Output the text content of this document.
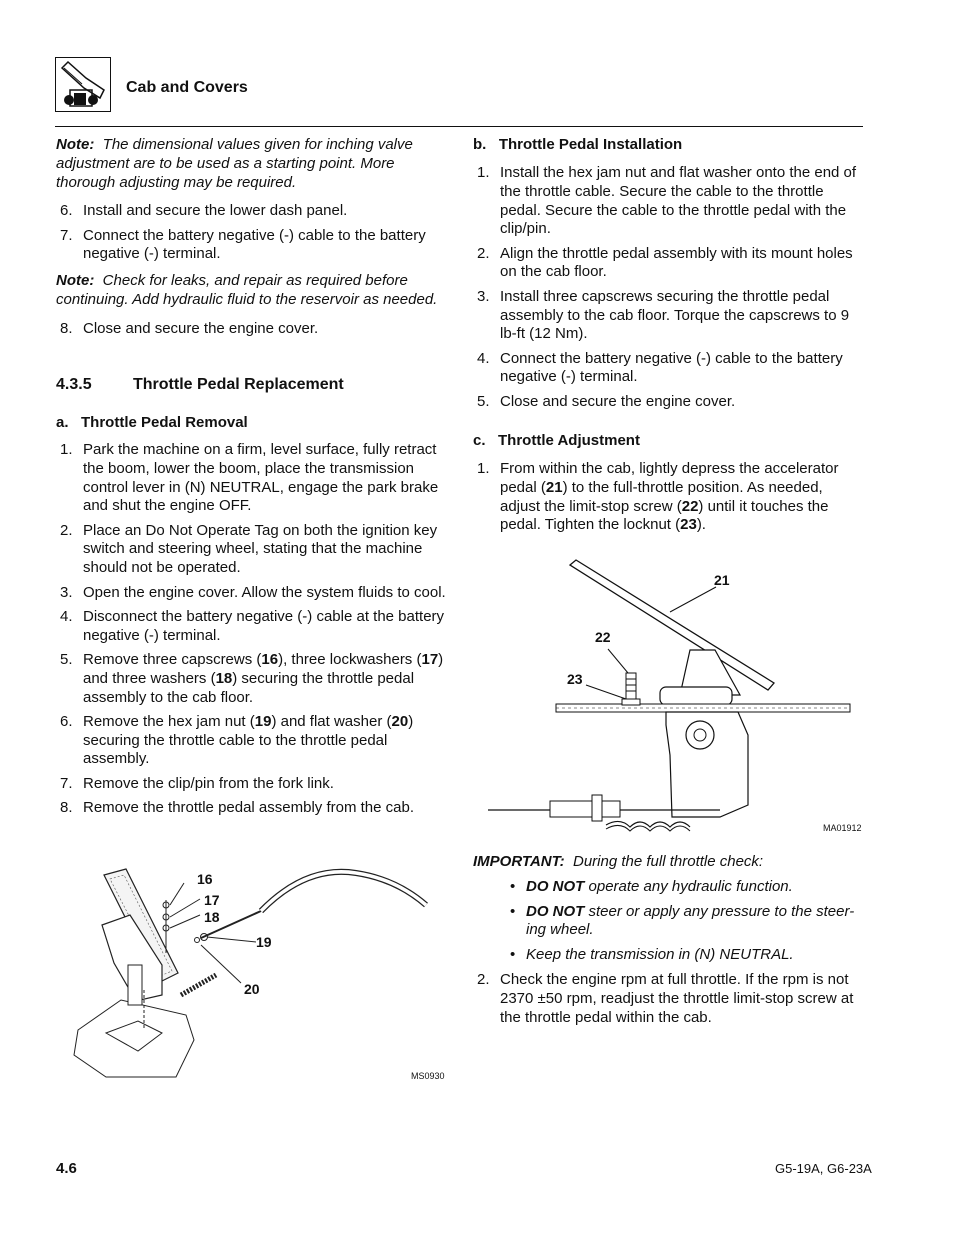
Cab and Covers

Note: The dimensional values given for inching valve adjustment are to be used as a starting point. More thorough adjusting may be required.

6. Install and secure the lower dash panel.
7. Connect the battery negative (-) cable to the battery negative (-) terminal.

Note: Check for leaks, and repair as required before continuing. Add hydraulic fluid to the reservoir as needed.

8. Close and secure the engine cover.
4.3.5	Throttle Pedal Replacement
a.   Throttle Pedal Removal
1. Park the machine on a firm, level surface, fully retract the boom, lower the boom, place the transmission control lever in (N) NEUTRAL, engage the park brake and shut the engine OFF.
2. Place an Do Not Operate Tag on both the ignition key switch and steering wheel, stating that the machine should not be operated.
3. Open the engine cover. Allow the system fluids to cool.
4. Disconnect the battery negative (-) cable at the battery negative (-) terminal.
5. Remove three capscrews (16), three lockwashers (17) and three washers (18) securing the throttle pedal assembly to the cab floor.
6. Remove the hex jam nut (19) and flat washer (20) securing the throttle cable to the throttle pedal assembly.
7. Remove the clip/pin from the fork link.
8. Remove the throttle pedal assembly from the cab.
16
17
18
19
20
MS0930
b.   Throttle Pedal Installation
1. Install the hex jam nut and flat washer onto the end of the throttle cable. Secure the cable to the throttle pedal. Secure the cable to the throttle pedal with the clip/pin.
2. Align the throttle pedal assembly with its mount holes on the cab floor.
3. Install three capscrews securing the throttle pedal assembly to the cab floor. Torque the capscrews to 9 lb-ft (12 Nm).
4. Connect the battery negative (-) cable to the battery negative (-) terminal.
5. Close and secure the engine cover.
c.   Throttle Adjustment
1. From within the cab, lightly depress the accelerator pedal (21) to the full-throttle position. As needed, adjust the limit-stop screw (22) until it touches the pedal. Tighten the locknut (23).
21
22
23
MA01912

IMPORTANT: During the full throttle check:

• DO NOT operate any hydraulic function.
• DO NOT steer or apply any pressure to the steer-ing wheel.
• Keep the transmission in (N) NEUTRAL.
2. Check the engine rpm at full throttle. If the rpm is not 2370 ±50 rpm, readjust the throttle limit-stop screw at the throttle pedal within the cab.
4.6	G5-19A, G6-23A
